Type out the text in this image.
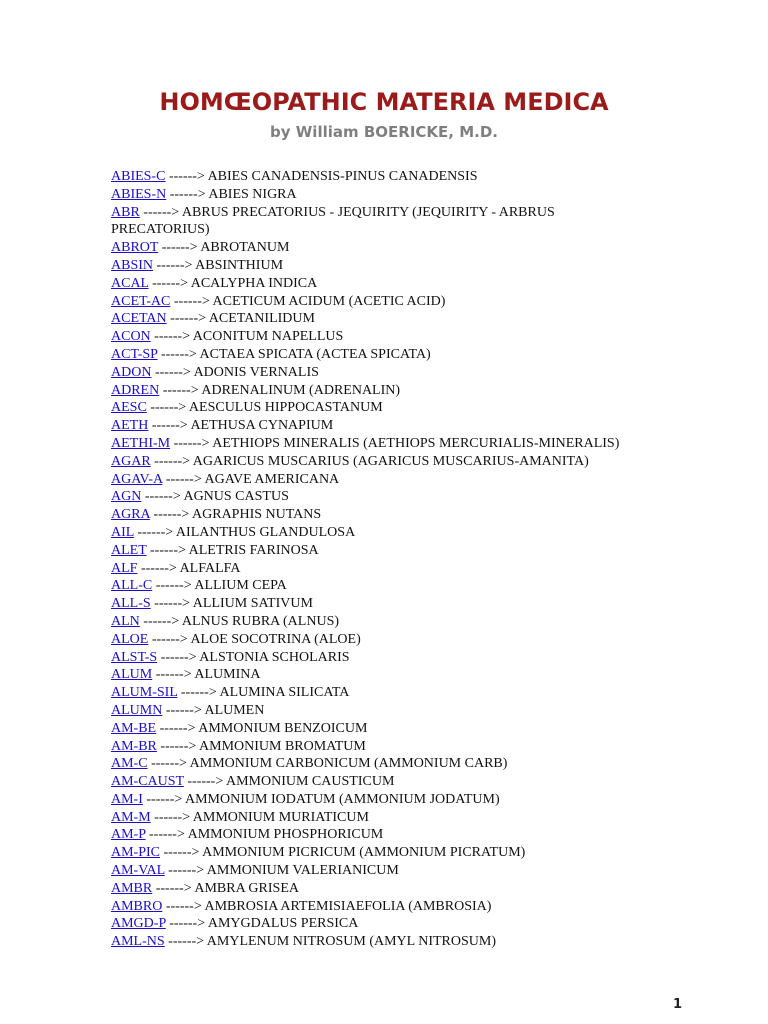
HOMŒOPATHIC MATERIA MEDICA
by William BOERICKE, M.D.
ABIES-C ------> ABIES CANADENSIS-PINUS CANADENSIS
ABIES-N ------> ABIES NIGRA
ABR ------> ABRUS PRECATORIUS - JEQUIRITY (JEQUIRITY - ARBRUS PRECATORIUS)
ABROT ------> ABROTANUM
ABSIN ------> ABSINTHIUM
ACAL ------> ACALYPHA INDICA
ACET-AC ------> ACETICUM ACIDUM (ACETIC ACID)
ACETAN ------> ACETANILIDUM
ACON ------> ACONITUM NAPELLUS
ACT-SP ------> ACTAEA SPICATA (ACTEA SPICATA)
ADON ------> ADONIS VERNALIS
ADREN ------> ADRENALINUM (ADRENALIN)
AESC ------> AESCULUS HIPPOCASTANUM
AETH ------> AETHUSA CYNAPIUM
AETHI-M ------> AETHIOPS MINERALIS (AETHIOPS MERCURIALIS-MINERALIS)
AGAR ------> AGARICUS MUSCARIUS (AGARICUS MUSCARIUS-AMANITA)
AGAV-A ------> AGAVE AMERICANA
AGN ------> AGNUS CASTUS
AGRA ------> AGRAPHIS NUTANS
AIL ------> AILANTHUS GLANDULOSA
ALET ------> ALETRIS FARINOSA
ALF ------> ALFALFA
ALL-C ------> ALLIUM CEPA
ALL-S ------> ALLIUM SATIVUM
ALN ------> ALNUS RUBRA (ALNUS)
ALOE ------> ALOE SOCOTRINA (ALOE)
ALST-S ------> ALSTONIA SCHOLARIS
ALUM ------> ALUMINA
ALUM-SIL ------> ALUMINA SILICATA
ALUMN ------> ALUMEN
AM-BE ------> AMMONIUM BENZOICUM
AM-BR ------> AMMONIUM BROMATUM
AM-C ------> AMMONIUM CARBONICUM (AMMONIUM CARB)
AM-CAUST ------> AMMONIUM CAUSTICUM
AM-I ------> AMMONIUM IODATUM (AMMONIUM JODATUM)
AM-M ------> AMMONIUM MURIATICUM
AM-P ------> AMMONIUM PHOSPHORICUM
AM-PIC ------> AMMONIUM PICRICUM (AMMONIUM PICRATUM)
AM-VAL ------> AMMONIUM VALERIANICUM
AMBR ------> AMBRA GRISEA
AMBRO ------> AMBROSIA ARTEMISIAEFOLIA (AMBROSIA)
AMGD-P ------> AMYGDALUS PERSICA
AML-NS ------> AMYLENUM NITROSUM (AMYL NITROSUM)
1
